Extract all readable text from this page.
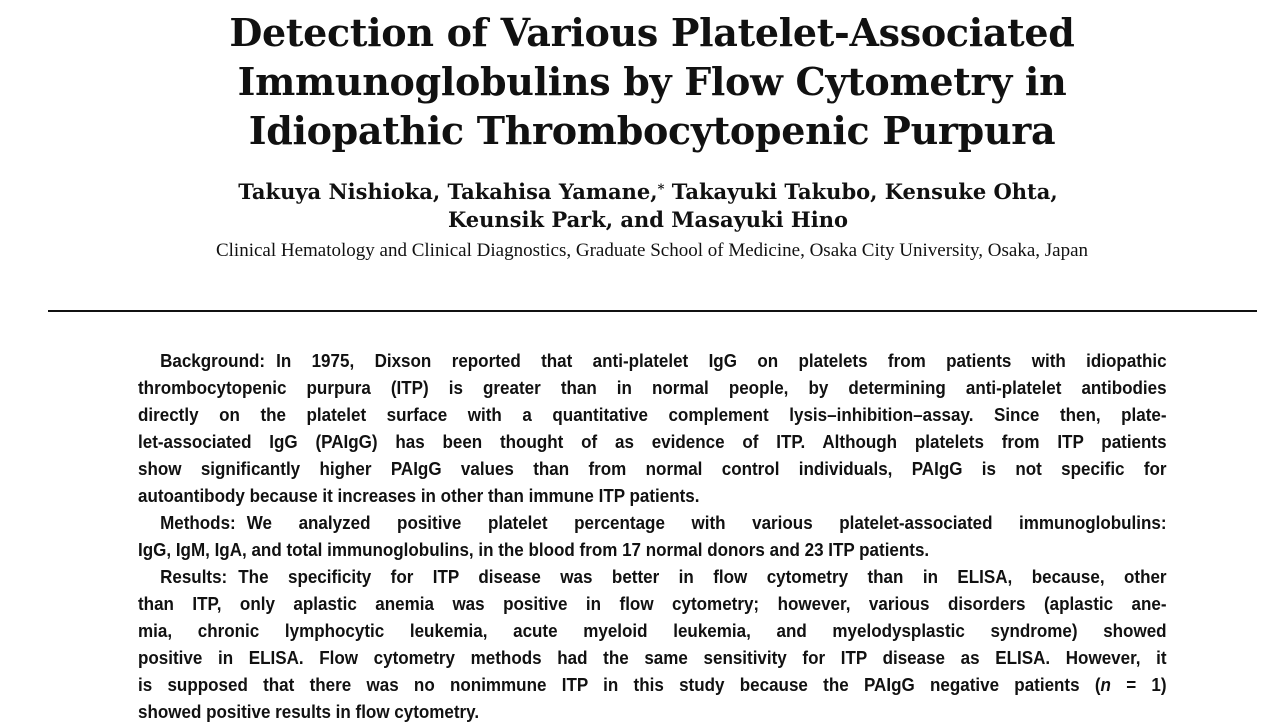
Detection of Various Platelet-Associated
Immunoglobulins by Flow Cytometry in
Idiopathic Thrombocytopenic Purpura
Takuya Nishioka, Takahisa Yamane,* Takayuki Takubo, Kensuke Ohta,
Keunsik Park, and Masayuki Hino
Clinical Hematology and Clinical Diagnostics, Graduate School of Medicine, Osaka City University, Osaka, Japan
Background: In 1975, Dixson reported that anti-platelet IgG on platelets from patients with idiopathic
thrombocytopenic purpura (ITP) is greater than in normal people, by determining anti-platelet antibodies
directly on the platelet surface with a quantitative complement lysis–inhibition–assay. Since then, plate-
let-associated IgG (PAIgG) has been thought of as evidence of ITP. Although platelets from ITP patients
show significantly higher PAIgG values than from normal control individuals, PAIgG is not specific for
autoantibody because it increases in other than immune ITP patients.
Methods: We analyzed positive platelet percentage with various platelet-associated immunoglobulins:
IgG, IgM, IgA, and total immunoglobulins, in the blood from 17 normal donors and 23 ITP patients.
Results: The specificity for ITP disease was better in flow cytometry than in ELISA, because, other
than ITP, only aplastic anemia was positive in flow cytometry; however, various disorders (aplastic ane-
mia, chronic lymphocytic leukemia, acute myeloid leukemia, and myelodysplastic syndrome) showed
positive in ELISA. Flow cytometry methods had the same sensitivity for ITP disease as ELISA. However, it
is supposed that there was no nonimmune ITP in this study because the PAIgG negative patients (n = 1)
showed positive results in flow cytometry.
